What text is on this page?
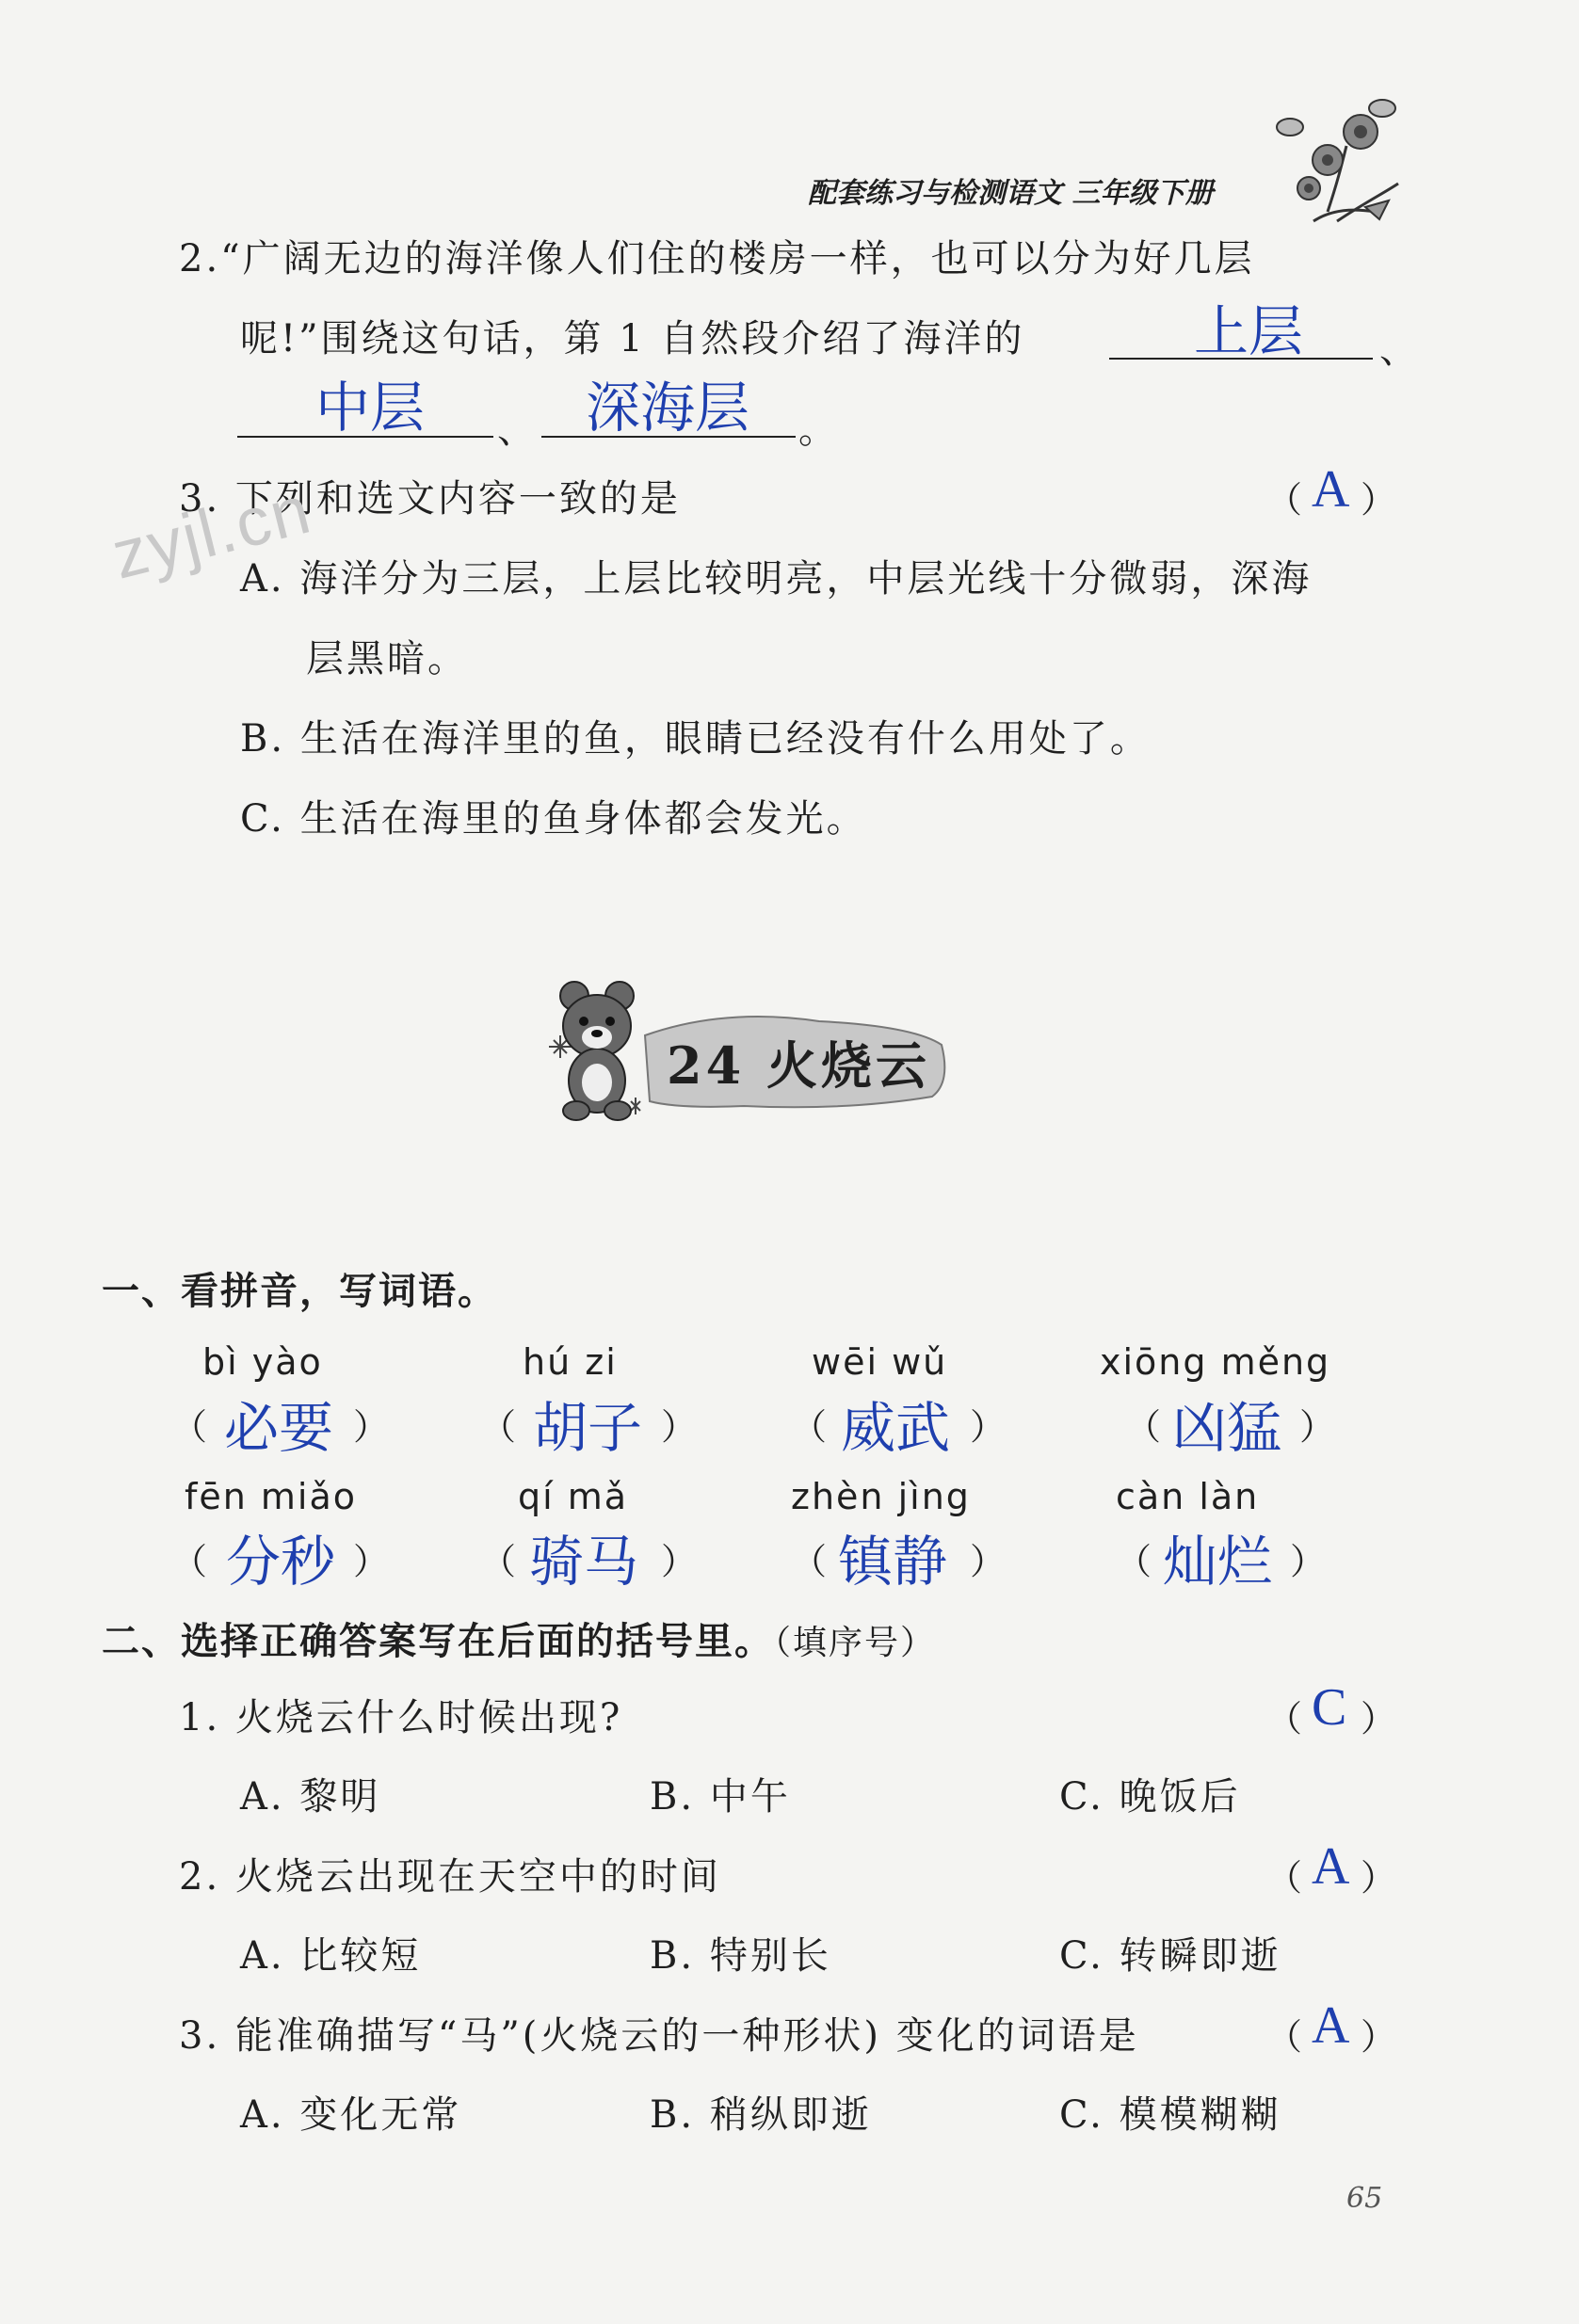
配套练习与检测语文 三年级下册
2.“广阔无边的海洋像人们住的楼房一样，也可以分为好几层
呢!”围绕这句话，第 1 自然段介绍了海洋的	上层 、
中层 、 深海层 。
3. 下列和选文内容一致的是	（ A ）
zyjl.cn
A. 海洋分为三层，上层比较明亮，中层光线十分微弱，深海
层黑暗。
B. 生活在海洋里的鱼，眼睛已经没有什么用处了。
C. 生活在海里的鱼身体都会发光。
24 火烧云
一、看拼音，写词语。
bì yào
（ 必要 ）
hú zi
（ 胡子 ）
wēi wǔ
（ 威武 ）
xiōng měng
（ 凶猛 ）
fēn miǎo
（ 分秒 ）
qí mǎ
（ 骑马 ）
zhèn jìng
（ 镇静 ）
càn làn
（ 灿烂 ）
二、选择正确答案写在后面的括号里。（填序号）
1. 火烧云什么时候出现?	（ C ）
A. 黎明	B. 中午	C. 晚饭后
2. 火烧云出现在天空中的时间	（ A ）
A. 比较短	B. 特别长	C. 转瞬即逝
3. 能准确描写“马”(火烧云的一种形状) 变化的词语是	（ A ）
A. 变化无常	B. 稍纵即逝	C. 模模糊糊
65
